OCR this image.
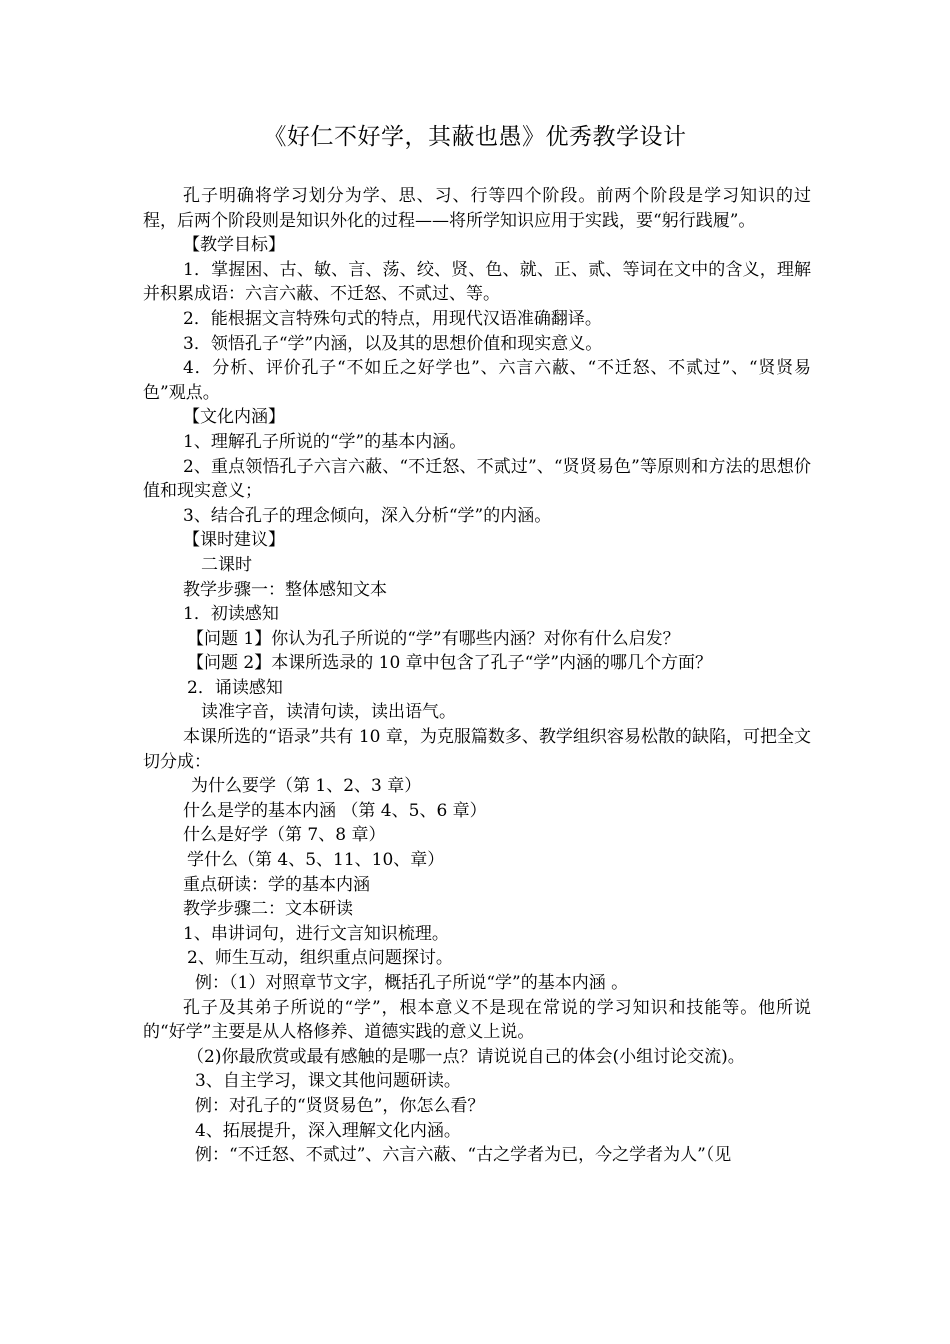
《好仁不好学，其蔽也愚》优秀教学设计

孔子明确将学习划分为学、思、习、行等四个阶段。前两个阶段是学习知识的过程，后两个阶段则是知识外化的过程——将所学知识应用于实践，要“躬行践履”。

【教学目标】

1．掌握困、古、敏、言、荡、绞、贤、色、就、正、贰、等词在文中的含义，理解并积累成语：六言六蔽、不迁怒、不贰过、等。

2．能根据文言特殊句式的特点，用现代汉语准确翻译。

3．领悟孔子“学”内涵，以及其的思想价值和现实意义。

4．分析、评价孔子“不如丘之好学也”、六言六蔽、“不迁怒、不贰过”、“贤贤易色”观点。

【文化内涵】

1、理解孔子所说的“学”的基本内涵。

2、重点领悟孔子六言六蔽、“不迁怒、不贰过”、“贤贤易色”等原则和方法的思想价值和现实意义；

3、结合孔子的理念倾向，深入分析“学”的内涵。

【课时建议】

二课时

教学步骤一：整体感知文本

1．初读感知

【问题 1】你认为孔子所说的“学”有哪些内涵？对你有什么启发？

【问题 2】本课所选录的 10 章中包含了孔子“学”内涵的哪几个方面？

2．诵读感知

读准字音，读清句读，读出语气。

本课所选的“语录”共有 10 章，为克服篇数多、教学组织容易松散的缺陷，可把全文切分成：

为什么要学（第 1、2、3 章）

什么是学的基本内涵 （第 4、5、6 章）

什么是好学（第 7、8 章）

学什么（第 4、5、11、10、章）

重点研读：学的基本内涵

教学步骤二：文本研读

1、串讲词句，进行文言知识梳理。

2、师生互动，组织重点问题探讨。

例：（1）对照章节文字，概括孔子所说“学”的基本内涵 。

孔子及其弟子所说的“学”，根本意义不是现在常说的学习知识和技能等。他所说的“好学”主要是从人格修养、道德实践的意义上说。

（2)你最欣赏或最有感触的是哪一点？请说说自己的体会(小组讨论交流)。

3、自主学习，课文其他问题研读。

例：对孔子的“贤贤易色”，你怎么看？

4、拓展提升，深入理解文化内涵。

例：“不迁怒、不贰过”、六言六蔽、“古之学者为已，今之学者为人”（见
